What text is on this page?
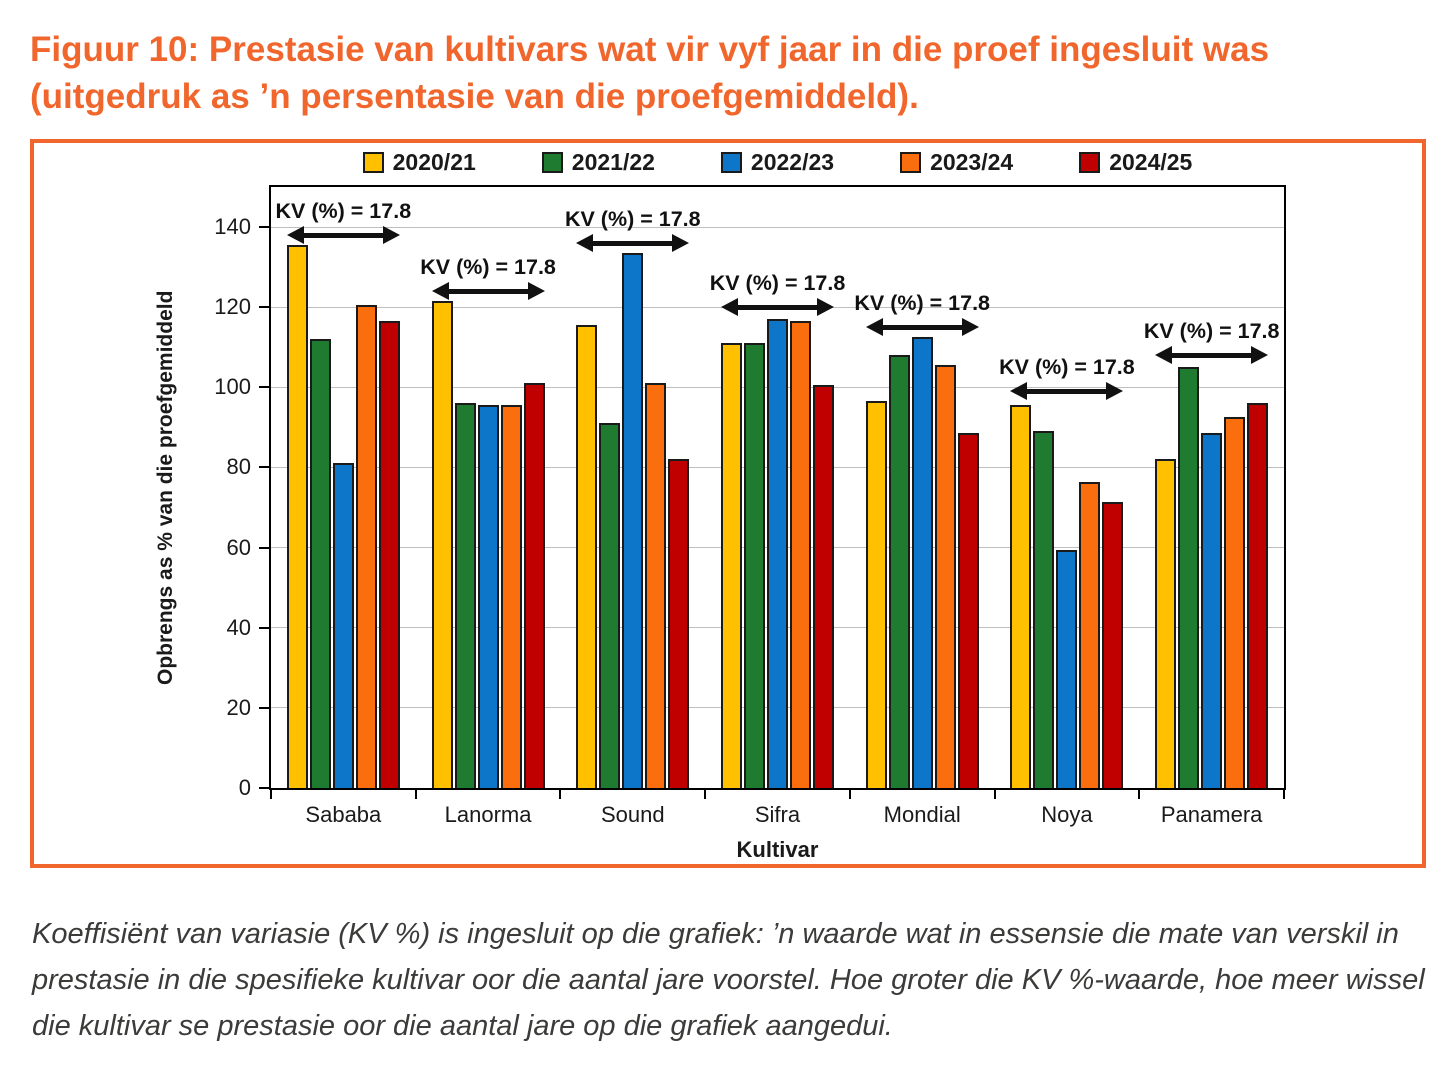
Figuur 10: Prestasie van kultivars wat vir vyf jaar in die proef ingesluit was
(uitgedruk as ’n persentasie van die proefgemiddeld).
2020/21	2021/22	2022/23	2023/24	2024/25
Opbrengs as % van die proefgemiddeld
KV (%) = 17.8
KV (%) = 17.8
KV (%) = 17.8
KV (%) = 17.8
KV (%) = 17.8
KV (%) = 17.8
KV (%) = 17.8
Kultivar
0
20
40
60
80
100
120
140
Sababa	Lanorma	Sound	Sifra	Mondial	Noya	Panamera

Koeffisiënt van variasie (KV %) is ingesluit op die grafiek: ’n waarde wat in essensie die mate van verskil in prestasie in die spesifieke kultivar oor die aantal jare voorstel. Hoe groter die KV %-waarde, hoe meer wissel die kultivar se prestasie oor die aantal jare op die grafiek aangedui.
